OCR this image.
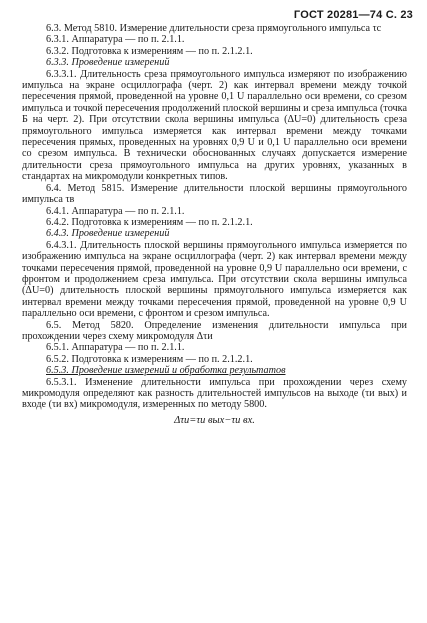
ГОСТ 20281—74 С. 23

6.3. Метод 5810. Измерение длительности среза прямоугольного импульса τс

6.3.1. Аппаратура — по п. 2.1.1.

6.3.2. Подготовка к измерениям — по п. 2.1.2.1.

6.3.3. Проведение измерений

6.3.3.1. Длительность среза прямоугольного импульса измеряют по изображению импульса на экране осциллографа (черт. 2) как интервал времени между точкой пересечения прямой, проведенной на уровне 0,1 U параллельно оси времени, со срезом импульса и точкой пересечения продолжений плоской вершины и среза импульса (точка Б на черт. 2). При отсутствии скола вершины импульса (ΔU=0) длительность среза прямоугольного импульса измеряется как интервал времени между точками пересечения прямых, проведенных на уровнях 0,9 U и 0,1 U параллельно оси времени со срезом импульса. В технически обоснованных случаях допускается измерение длительности среза прямоугольного импульса на других уровнях, указанных в стандартах на микромодули конкретных типов.

6.4. Метод 5815. Измерение длительности плоской вершины прямоугольного импульса τв

6.4.1. Аппаратура — по п. 2.1.1.

6.4.2. Подготовка к измерениям — по п. 2.1.2.1.

6.4.3. Проведение измерений

6.4.3.1. Длительность плоской вершины прямоугольного импульса измеряется по изображению импульса на экране осциллографа (черт. 2) как интервал времени между точками пересечения прямой, проведенной на уровне 0,9 U параллельно оси времени, с фронтом и продолжением среза импульса. При отсутствии скола вершины импульса (ΔU=0) длительность плоской вершины прямоугольного импульса измеряется как интервал времени между точками пересечения прямой, проведенной на уровне 0,9 U параллельно оси времени, с фронтом и срезом импульса.

6.5. Метод 5820. Определение изменения длительности импульса при прохождении через схему микромодуля Δτи

6.5.1. Аппаратура — по п. 2.1.1.

6.5.2. Подготовка к измерениям — по п. 2.1.2.1.

6.5.3. Проведение измерений и обработка результатов

6.5.3.1. Изменение длительности импульса при прохождении через схему микромодуля определяют как разность длительностей импульсов на выходе (τи вых) и входе (τи вх) микромодуля, измеренных по методу 5800.

Δτи=τи вых−τи вх.
